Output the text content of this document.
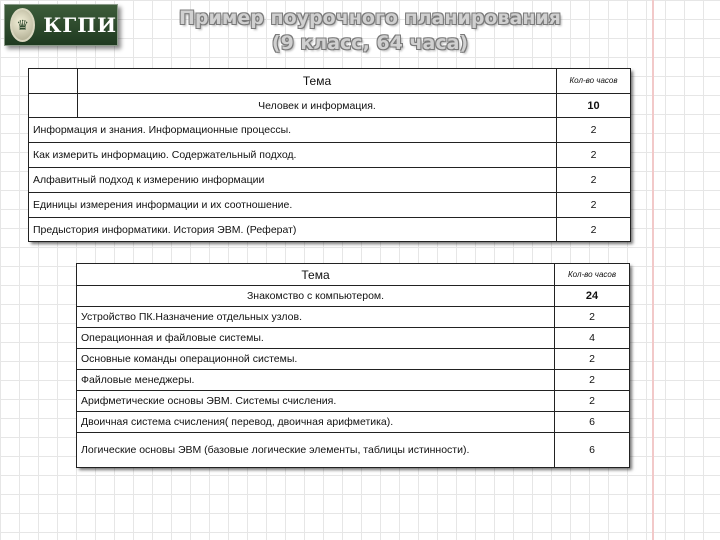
♛ КГПИ	Пример поурочного планирования
(9 класс, 64 часа)
	Тема	Кол-во часов
	Человек и информация.	10
Информация и знания. Информационные процессы.		2
Как измерить информацию. Содержательный подход.		2
Алфавитный подход к измерению информации		2
Единицы измерения информации и их соотношение.		2
Предыстория информатики. История ЭВМ. (Реферат)		2
Тема	Кол-во часов
Знакомство с компьютером.	24
Устройство ПК.Назначение отдельных узлов.	2
Операционная и файловые системы.	4
Основные команды операционной системы.	2
Файловые менеджеры.	2
Арифметические основы ЭВМ. Системы счисления.	2
Двоичная система счисления( перевод, двоичная арифметика).	6
Логические основы ЭВМ (базовые логические элементы, таблицы истинности).	6
